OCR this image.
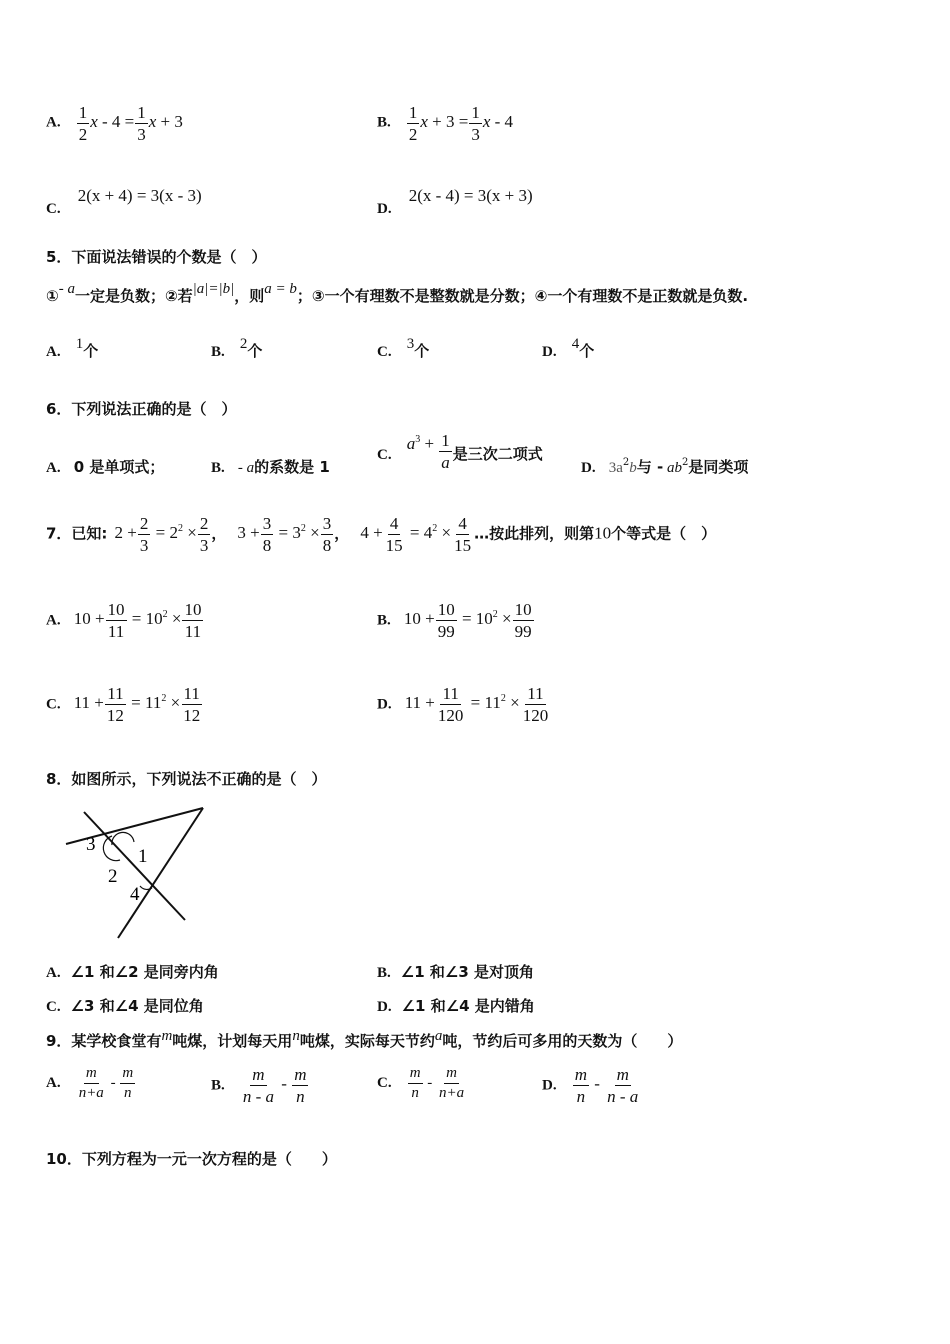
A. $\frac{1}{2}$ $x - 4 = \frac{1}{3}$ x + 3	B. $\frac{1}{2}$ $x + 3 = \frac{1}{3}$ x - 4
C. 2(x + 4) = 3(x - 3)
D. 2(x - 4) = 3(x + 3)
5．下面说法错误的个数是（　）
①- a一定是负数；②若|a|=|b|，则a = b；③一个有理数不是整数就是分数；④一个有理数不是正数就是负数.
A. 1个	B. 2个	C. 3个	D. 4个
6．下列说法正确的是（　）
A. 0 是单项式；	B. - a的系数是 1
C. $a^3 + \frac{1}{a}$ 是三次二项式
D. $3a^2b$与 - $ab^2$是同类项
7．已知: $2 + \frac{2}{3} = 2^2 \times \frac{2}{3}$ ， $3 + \frac{3}{8} = 3^2 \times \frac{3}{8}$ ， $4 + \frac{4}{15} = 4^2 \times \frac{4}{15}$ …按此排列，则第10个等式是（　）
A. $10 + \frac{10}{11} = 10^2 \times \frac{10}{11}$	B. $10 + \frac{10}{99} = 10^2 \times \frac{10}{99}$
C. $11 + \frac{11}{12} = 11^2 \times \frac{11}{12}$	D. $11 + \frac{11}{120} = 11^2 \times \frac{11}{120}$
8．如图所示，下列说法不正确的是（　）
3
1
2
4
A. ∠1 和∠2 是同旁内角	B. ∠1 和∠3 是对顶角
C. ∠3 和∠4 是同位角	D. ∠1 和∠4 是内错角
9．某学校食堂有m吨煤，计划每天用n吨煤，实际每天节约a吨，节约后可多用的天数为（　　）
A. $\frac{m}{n+a} - \frac{m}{n}$	B. $\frac{m}{n - a} - \frac{m}{n}$	C. $\frac{m}{n} - \frac{m}{n+a}$	D. $\frac{m}{n} - \frac{m}{n - a}$
10．下列方程为一元一次方程的是（　　）
